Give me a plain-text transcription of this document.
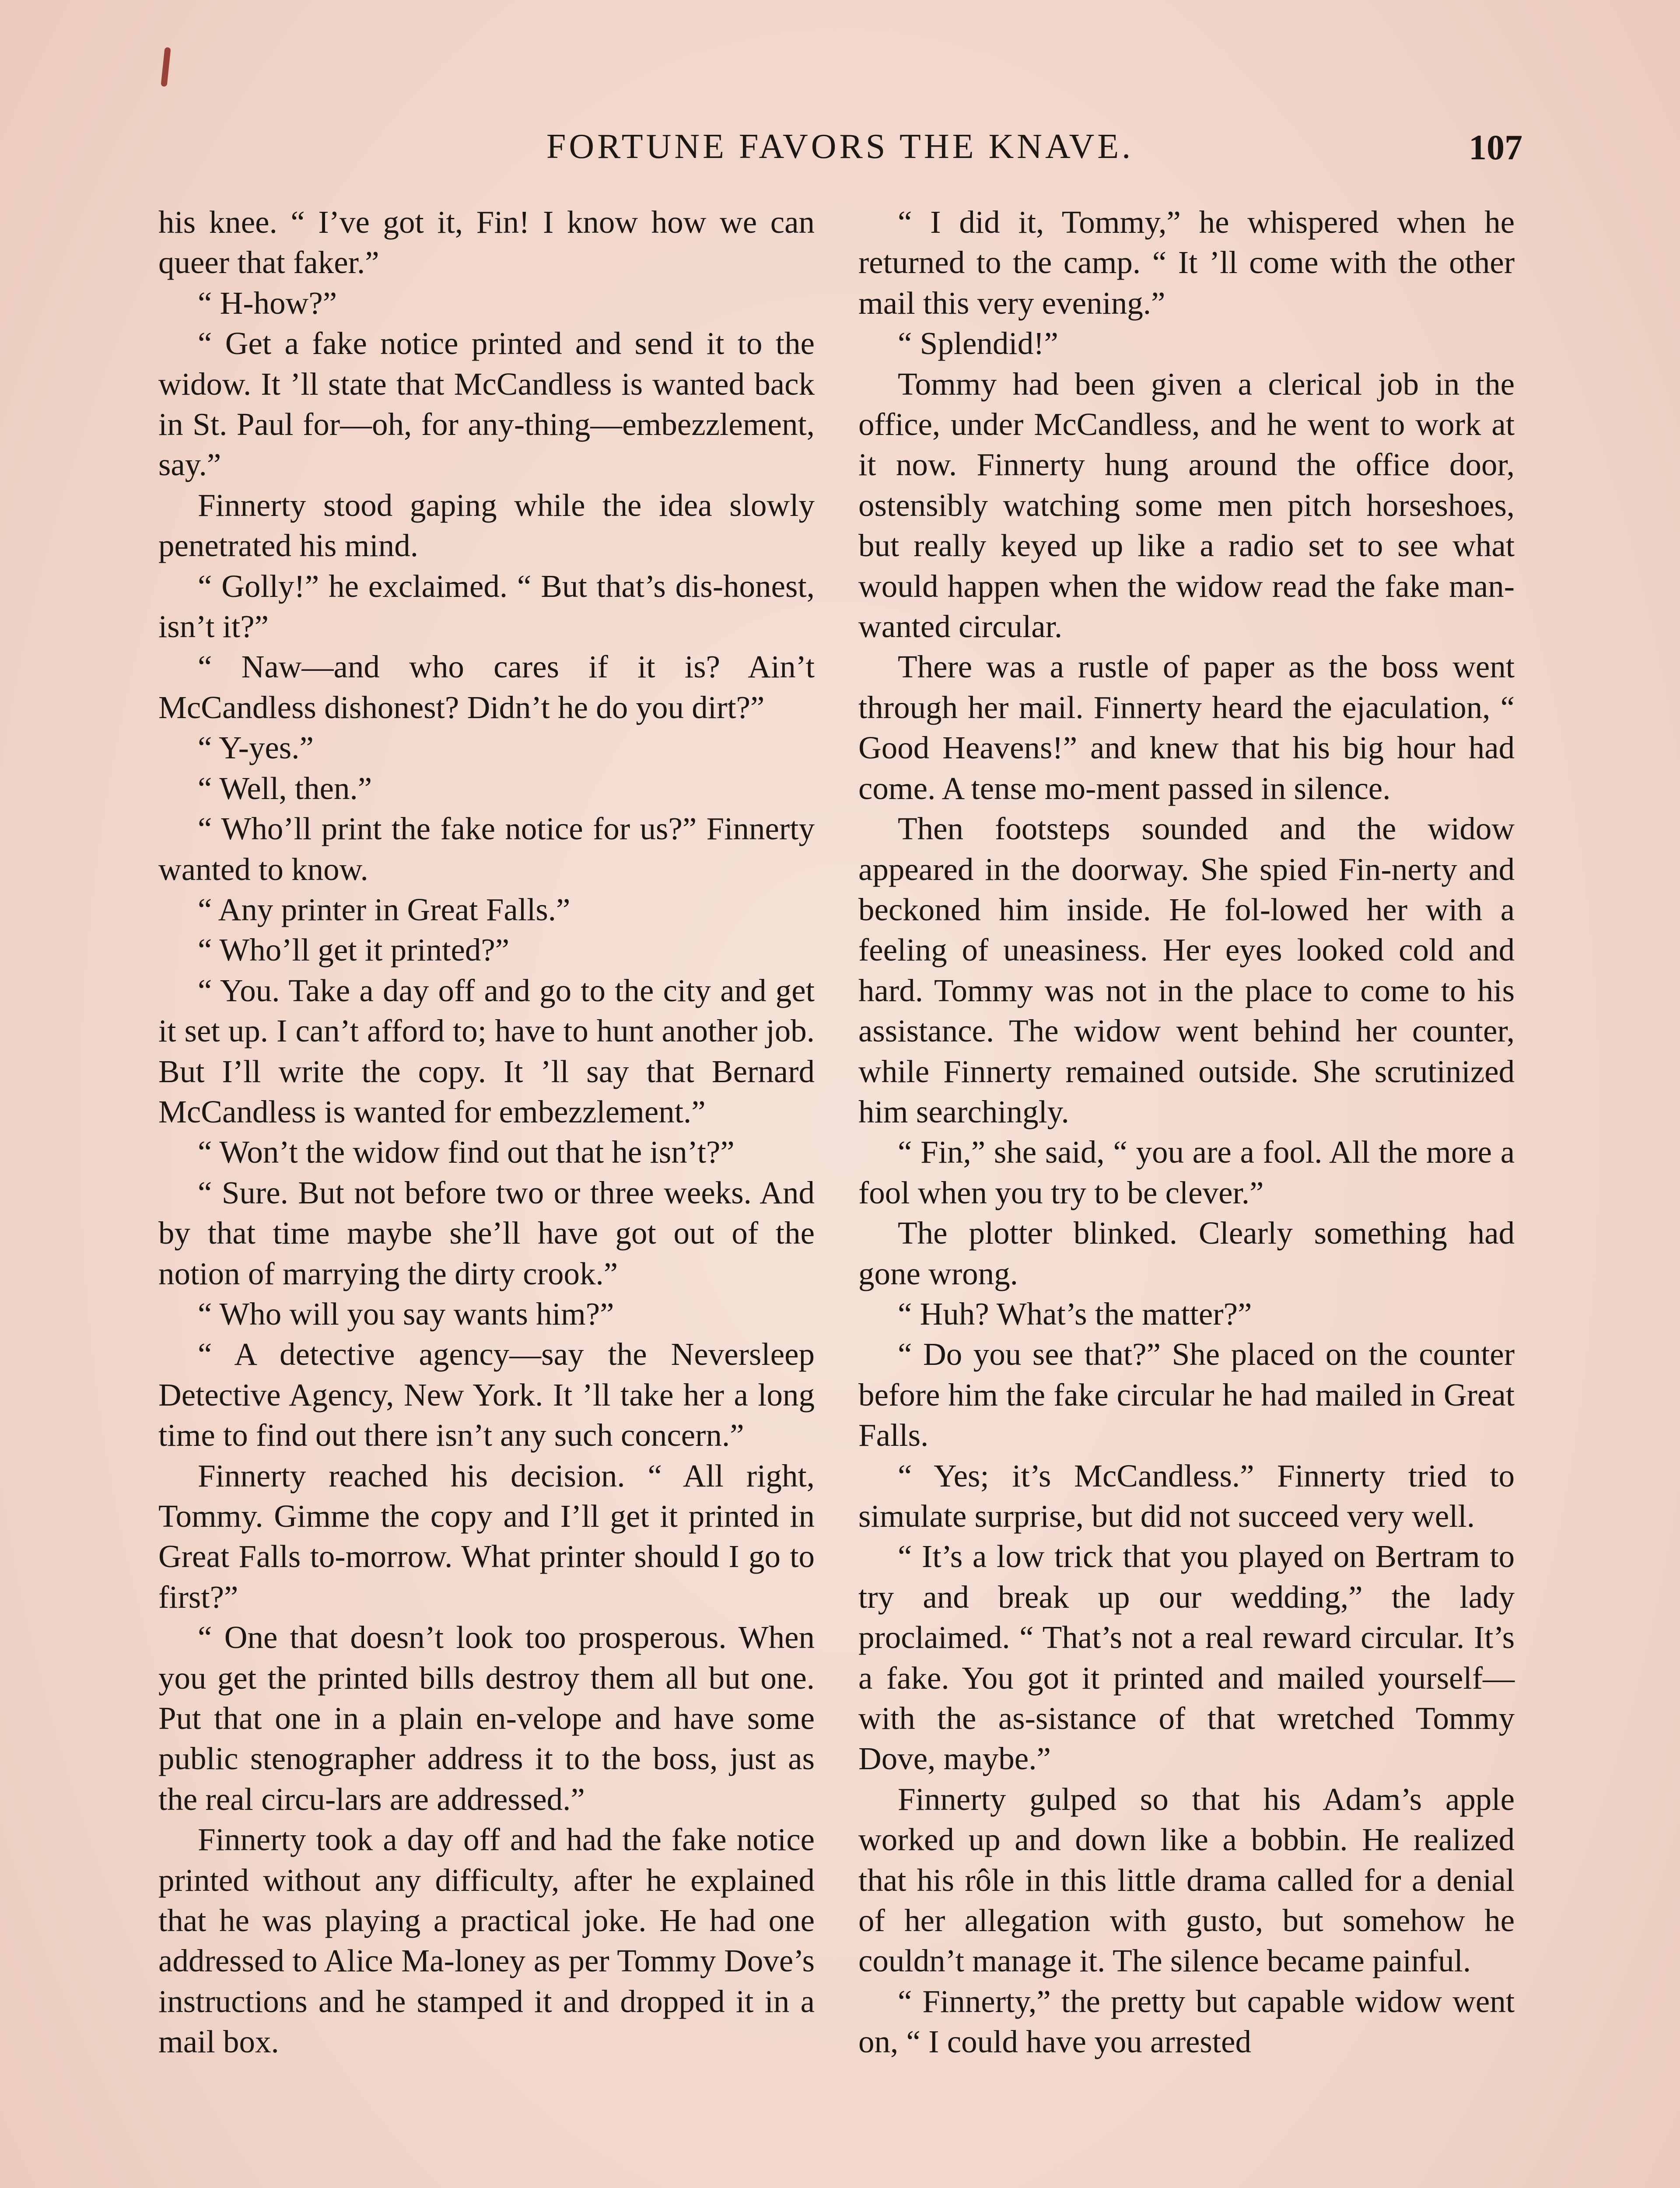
FORTUNE FAVORS THE KNAVE.	107

his knee. “ I’ve got it, Fin! I know how we can queer that faker.”

“ H-how?”

“ Get a fake notice printed and send it to the widow. It ’ll state that McCandless is wanted back in St. Paul for—oh, for any-thing—embezzlement, say.”

Finnerty stood gaping while the idea slowly penetrated his mind.

“ Golly!” he exclaimed. “ But that’s dis-honest, isn’t it?”

“ Naw—and who cares if it is? Ain’t McCandless dishonest? Didn’t he do you dirt?”

“ Y-yes.”

“ Well, then.”

“ Who’ll print the fake notice for us?” Finnerty wanted to know.

“ Any printer in Great Falls.”

“ Who’ll get it printed?”

“ You. Take a day off and go to the city and get it set up. I can’t afford to; have to hunt another job. But I’ll write the copy. It ’ll say that Bernard McCandless is wanted for embezzlement.”

“ Won’t the widow find out that he isn’t?”

“ Sure. But not before two or three weeks. And by that time maybe she’ll have got out of the notion of marrying the dirty crook.”

“ Who will you say wants him?”

“ A detective agency—say the Neversleep Detective Agency, New York. It ’ll take her a long time to find out there isn’t any such concern.”

Finnerty reached his decision. “ All right, Tommy. Gimme the copy and I’ll get it printed in Great Falls to-morrow. What printer should I go to first?”

“ One that doesn’t look too prosperous. When you get the printed bills destroy them all but one. Put that one in a plain en-velope and have some public stenographer address it to the boss, just as the real circu-lars are addressed.”

Finnerty took a day off and had the fake notice printed without any difficulty, after he explained that he was playing a practical joke. He had one addressed to Alice Ma-loney as per Tommy Dove’s instructions and he stamped it and dropped it in a mail box.

“ I did it, Tommy,” he whispered when he returned to the camp. “ It ’ll come with the other mail this very evening.”

“ Splendid!”

Tommy had been given a clerical job in the office, under McCandless, and he went to work at it now. Finnerty hung around the office door, ostensibly watching some men pitch horseshoes, but really keyed up like a radio set to see what would happen when the widow read the fake man-wanted circular.

There was a rustle of paper as the boss went through her mail. Finnerty heard the ejaculation, “ Good Heavens!” and knew that his big hour had come. A tense mo-ment passed in silence.

Then footsteps sounded and the widow appeared in the doorway. She spied Fin-nerty and beckoned him inside. He fol-lowed her with a feeling of uneasiness. Her eyes looked cold and hard. Tommy was not in the place to come to his assistance. The widow went behind her counter, while Finnerty remained outside. She scrutinized him searchingly.

“ Fin,” she said, “ you are a fool. All the more a fool when you try to be clever.”

The plotter blinked. Clearly something had gone wrong.

“ Huh? What’s the matter?”

“ Do you see that?” She placed on the counter before him the fake circular he had mailed in Great Falls.

“ Yes; it’s McCandless.” Finnerty tried to simulate surprise, but did not succeed very well.

“ It’s a low trick that you played on Bertram to try and break up our wedding,” the lady proclaimed. “ That’s not a real reward circular. It’s a fake. You got it printed and mailed yourself—with the as-sistance of that wretched Tommy Dove, maybe.”

Finnerty gulped so that his Adam’s apple worked up and down like a bobbin. He realized that his rôle in this little drama called for a denial of her allegation with gusto, but somehow he couldn’t manage it. The silence became painful.

“ Finnerty,” the pretty but capable widow went on, “ I could have you arrested
